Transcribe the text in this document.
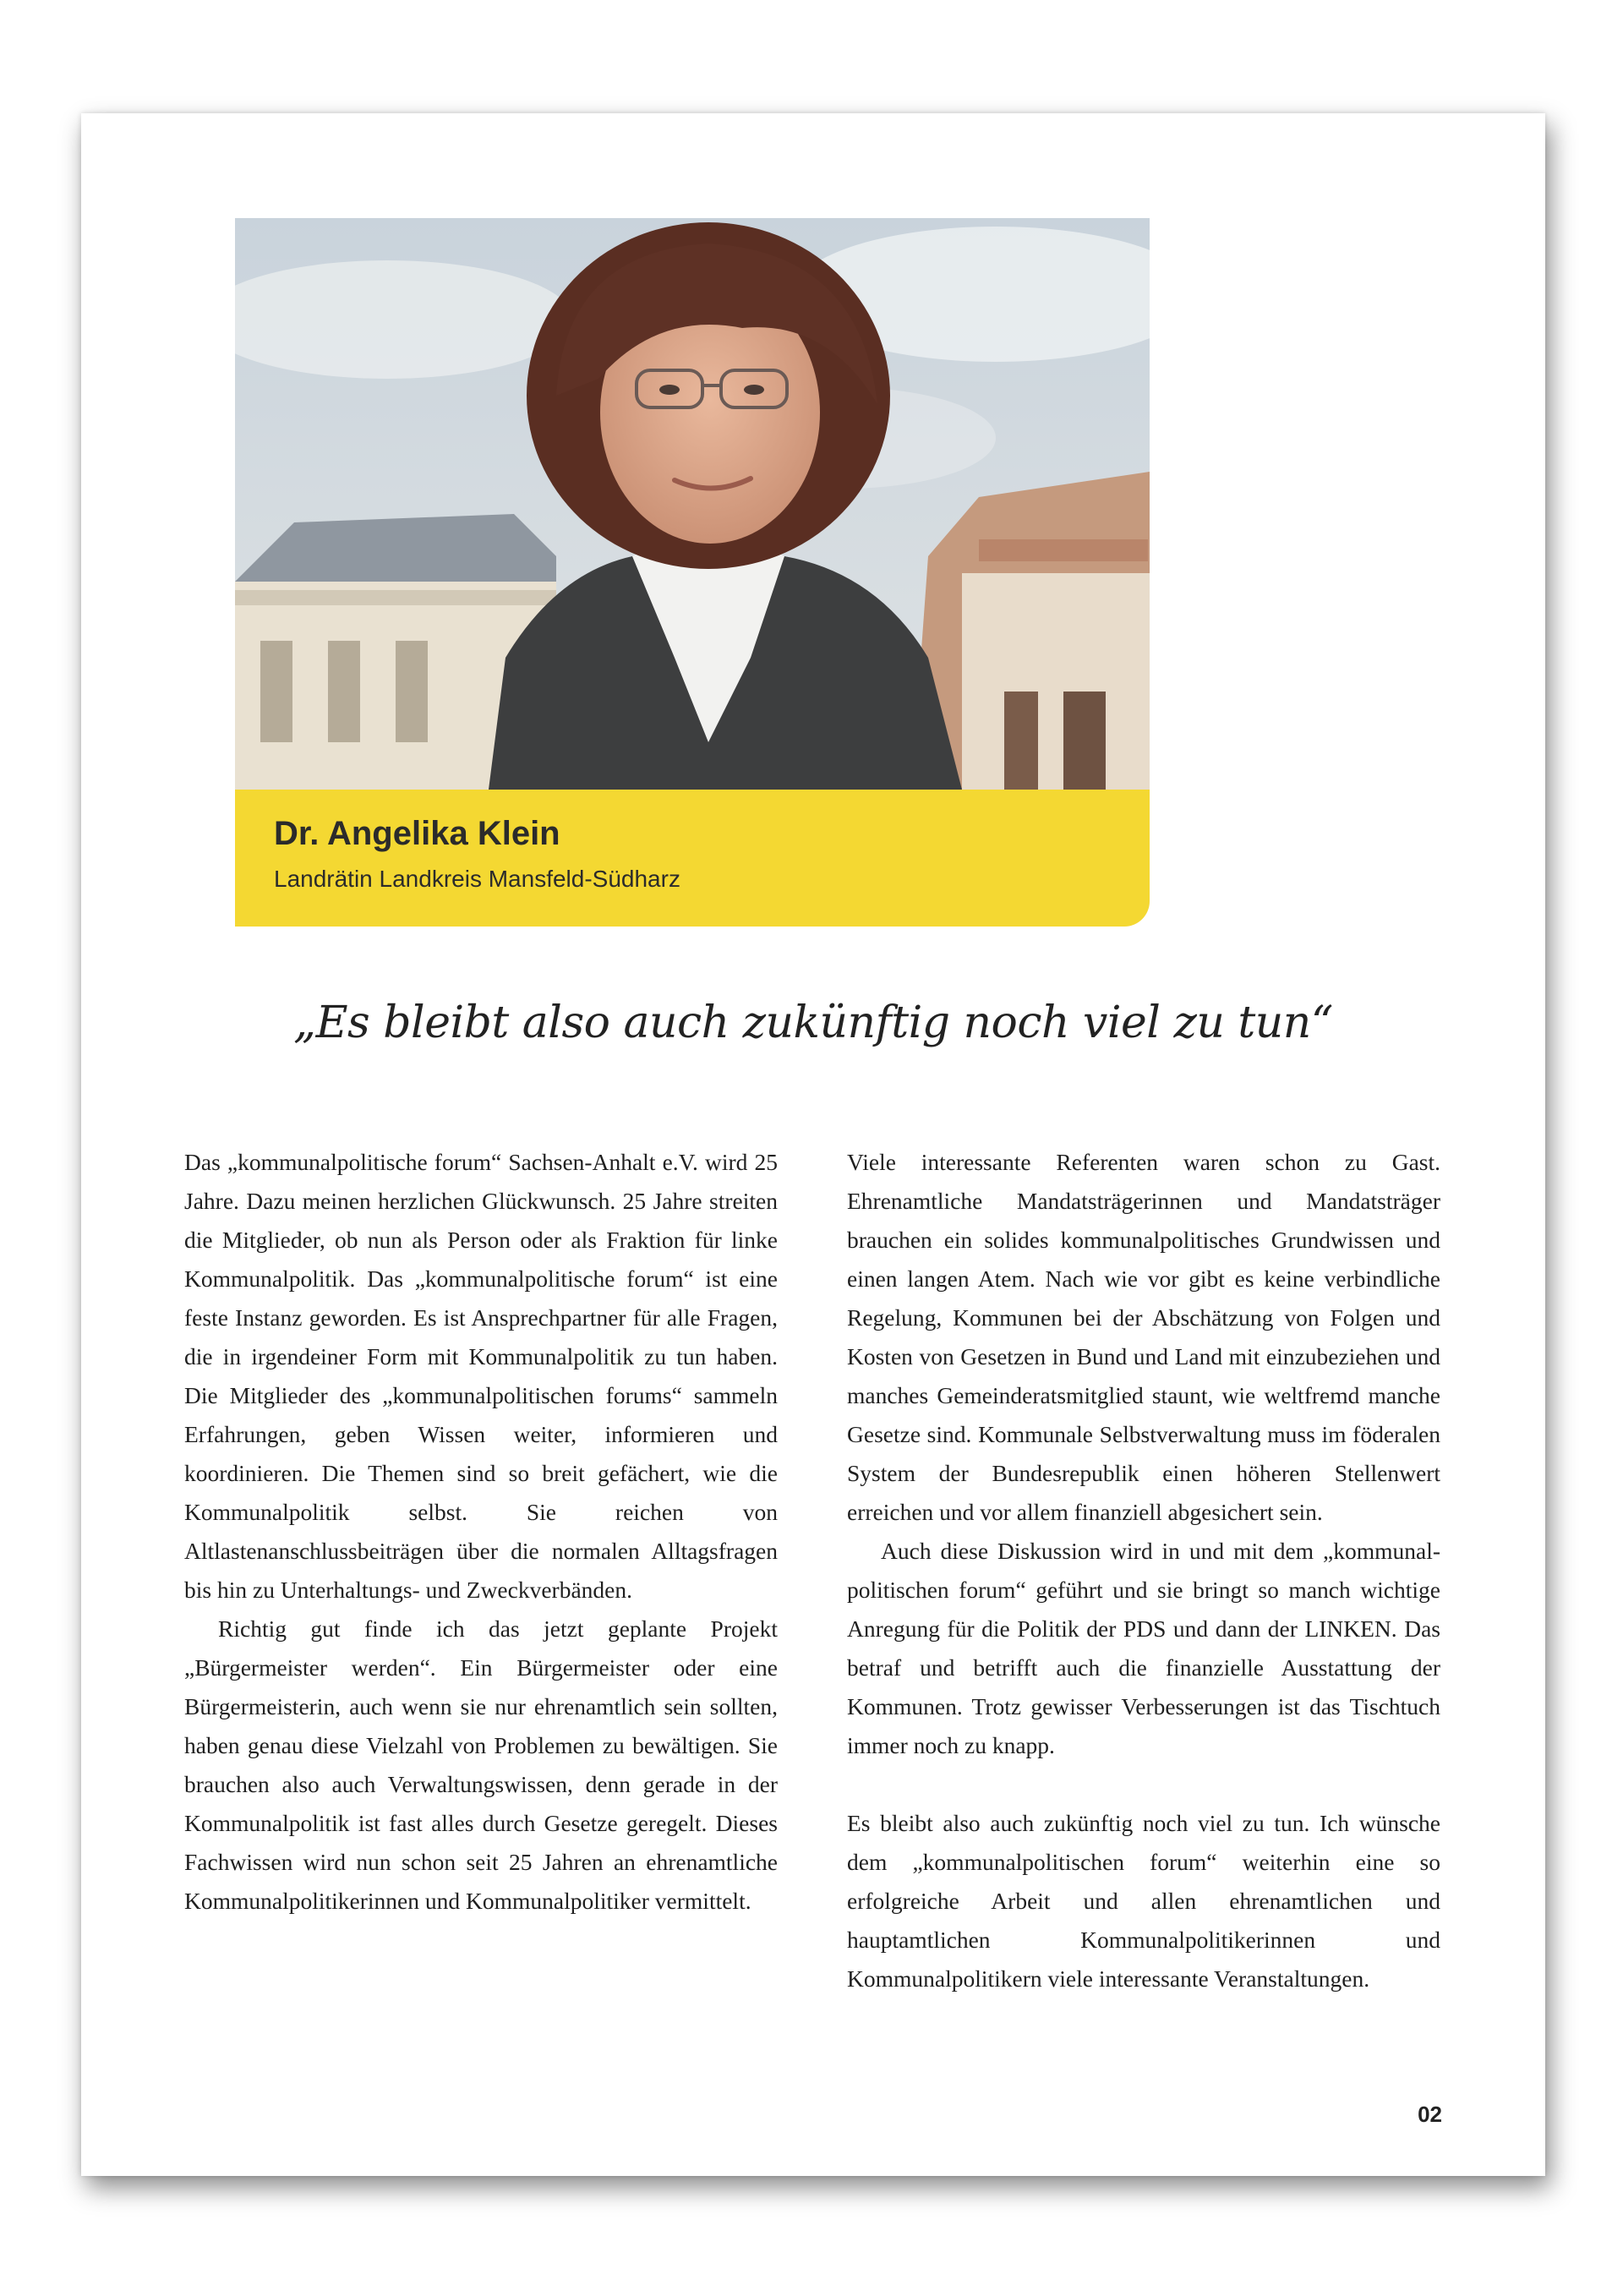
Dr. Angelika Klein
Landrätin Landkreis Mansfeld-Südharz
„Es bleibt also auch zukünftig noch viel zu tun“

Das „kommunalpolitische forum“ Sachsen-Anhalt e.V. wird 25 Jahre. Dazu meinen herzlichen Glückwunsch. 25 Jahre streiten die Mitglieder, ob nun als Person oder als Fraktion für linke Kommunalpolitik. Das „kommunalpolitische forum“ ist eine feste Instanz geworden. Es ist Ansprechpartner für alle Fragen, die in irgendeiner Form mit Kommunalpolitik zu tun haben. Die Mitglieder des „kommunalpolitischen forums“ sammeln Erfahrungen, geben Wissen weiter, informieren und koordinieren. Die Themen sind so breit gefächert, wie die Kommunalpolitik selbst. Sie reichen von Altlastenanschlussbeiträgen über die normalen Alltagsfragen bis hin zu Unterhaltungs- und Zweckverbänden.

Richtig gut finde ich das jetzt geplante Projekt „Bürgermeister werden“. Ein Bürgermeister oder eine Bürgermeisterin, auch wenn sie nur ehrenamtlich sein sollten, haben genau diese Vielzahl von Problemen zu bewältigen. Sie brauchen also auch Verwaltungswissen, denn gerade in der Kommunalpolitik ist fast alles durch Gesetze geregelt. Dieses Fachwissen wird nun schon seit 25 Jahren an ehrenamtliche Kommunalpolitikerinnen und Kommunalpolitiker vermittelt.

Viele interessante Referenten waren schon zu Gast. Ehrenamtliche Mandatsträgerinnen und Mandatsträger brauchen ein solides kommunalpolitisches Grundwissen und einen langen Atem. Nach wie vor gibt es keine verbindliche Regelung, Kommunen bei der Abschätzung von Folgen und Kosten von Gesetzen in Bund und Land mit einzubeziehen und manches Gemeinderatsmitglied staunt, wie weltfremd manche Gesetze sind. Kommunale Selbstverwaltung muss im föderalen System der Bundesrepublik einen höheren Stellenwert erreichen und vor allem finanziell abgesichert sein.

Auch diese Diskussion wird in und mit dem „kommunal-politischen forum“ geführt und sie bringt so manch wichtige Anregung für die Politik der PDS und dann der LINKEN. Das betraf und betrifft auch die finanzielle Ausstattung der Kommunen. Trotz gewisser Verbesserungen ist das Tischtuch immer noch zu knapp.

Es bleibt also auch zukünftig noch viel zu tun. Ich wünsche dem „kommunalpolitischen forum“ weiterhin eine so erfolgreiche Arbeit und allen ehrenamtlichen und hauptamtlichen Kommunalpolitikerinnen und Kommunalpolitikern viele interessante Veranstaltungen.

02
